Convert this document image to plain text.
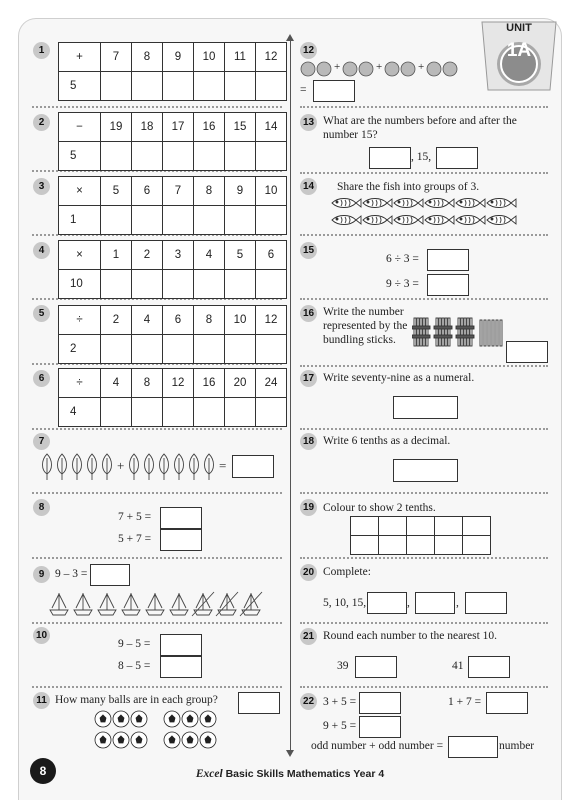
UNIT
1A
1
+	7	8	9	10	11	12
5						
2	−	19	18	17	16	15	14
5						
3	×	5	6	7	8	9	10
1						
4	×	1	2	3	4	5	6
10						
5
÷	2	4	6	8	10	12
2						
6	÷	4	8	12	16	20	24
4						
7
+	=
8
7 + 5 =
5 + 7 =
9 9 – 3 =
10
9 – 5 =
8 – 5 =
11 How many balls are in each group?
12
+	+	+
=
13 What are the numbers before and after the
number 15?
, 15,
14 Share the fish into groups of 3.
15
6 ÷ 3 =
9 ÷ 3 =
16 Write the number
represented by the
bundling sticks.
17 Write seventy-nine as a numeral.
18 Write 6 tenths as a decimal.
19 Colour to show 2 tenths.

20 Complete:
5, 10, 15,	,	,
21 Round each number to the nearest 10.
39	41
22 3 + 5 =	1 + 7 =
9 + 5 =
odd number + odd number =	number
8	Excel Basic Skills Mathematics Year 4
